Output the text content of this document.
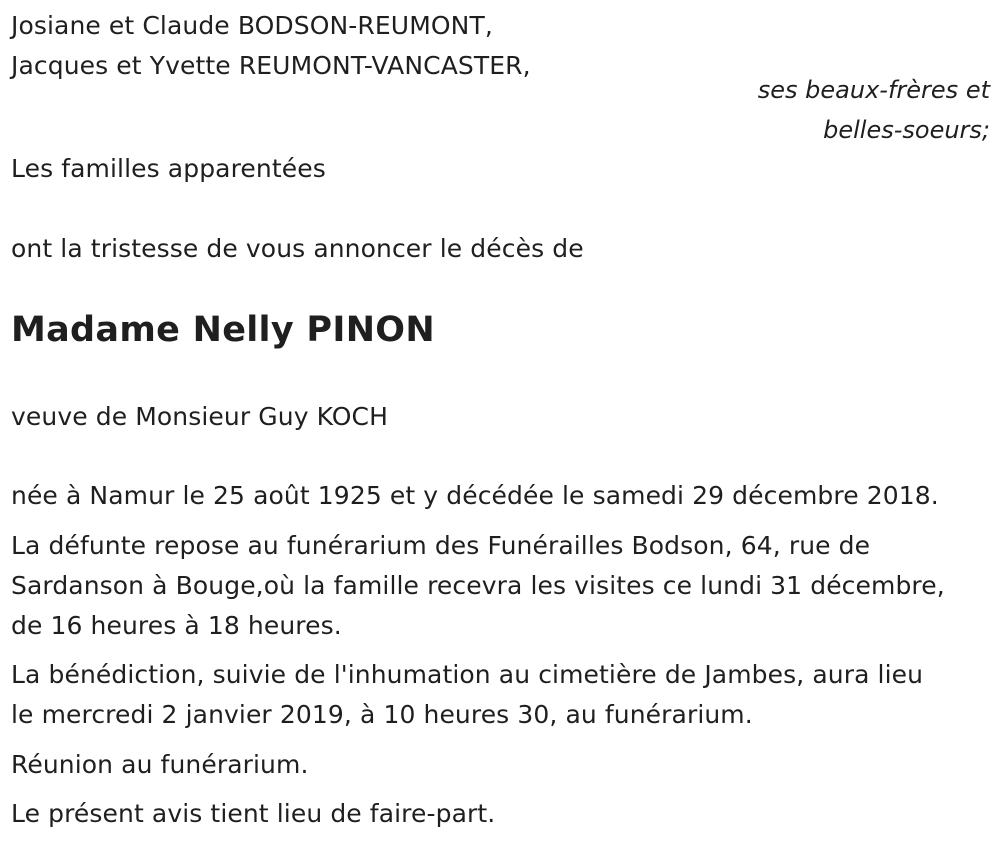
Josiane et Claude BODSON-REUMONT,

Jacques et Yvette REUMONT-VANCASTER,

ses beaux-frères et

belles-soeurs;

Les familles apparentées

ont la tristesse de vous annoncer le décès de

Madame Nelly PINON

veuve de Monsieur Guy KOCH

née à Namur le 25 août 1925 et y décédée le samedi 29 décembre 2018.

La défunte repose au funérarium des Funérailles Bodson, 64, rue de

Sardanson à Bouge,où la famille recevra les visites ce lundi 31 décembre,

de 16 heures à 18 heures.

La bénédiction, suivie de l'inhumation au cimetière de Jambes, aura lieu

le mercredi 2 janvier 2019, à 10 heures 30, au funérarium.

Réunion au funérarium.

Le présent avis tient lieu de faire-part.
